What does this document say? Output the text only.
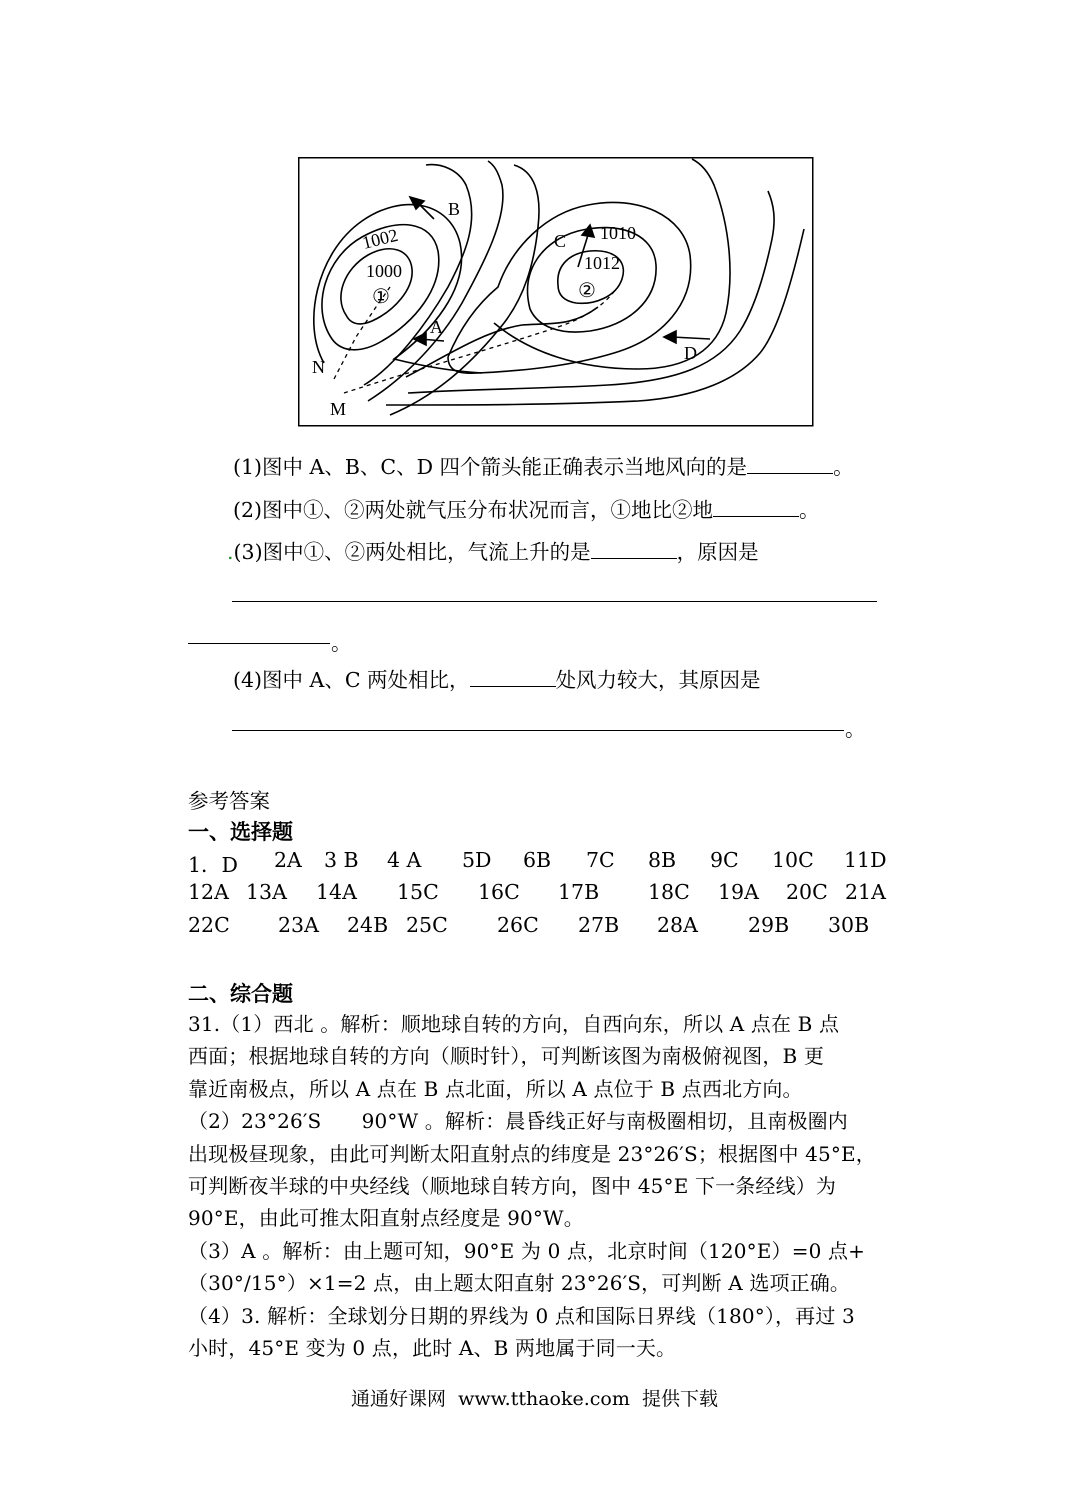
1002
1000
①
B
A
C 1010
1012
②
D
N
M
(1)图中 A、B、C、D 四个箭头能正确表示当地风向的是	。
(2)图中①、②两处就气压分布状况而言，①地比②地	。
.(3)图中①、②两处相比，气流上升的是	，原因是
。
(4)图中 A、C 两处相比，	处风力较大，其原因是
。
参考答案
一、选择题
1．D 2A 3 B 4 A 5D 6B 7C 8B 9C 10C 11D
12A 13A 14A 15C 16C 17B 18C 19A 20C 21A
22C 23A 24B 25C 26C 27B 28A 29B 30B
二、综合题
31.（1）西北 。解析：顺地球自转的方向，自西向东，所以 A 点在 B 点
西面；根据地球自转的方向（顺时针），可判断该图为南极俯视图，B 更
靠近南极点，所以 A 点在 B 点北面，所以 A 点位于 B 点西北方向。
（2）23°26′S　　90°W 。解析：晨昏线正好与南极圈相切，且南极圈内
出现极昼现象，由此可判断太阳直射点的纬度是 23°26′S；根据图中 45°E，
可判断夜半球的中央经线（顺地球自转方向，图中 45°E 下一条经线）为
90°E，由此可推太阳直射点经度是 90°W。
（3）A 。解析：由上题可知，90°E 为 0 点，北京时间（120°E）=0 点+
（30°/15°）×1=2 点，由上题太阳直射 23°26′S，可判断 A 选项正确。
（4）3. 解析：全球划分日期的界线为 0 点和国际日界线（180°），再过 3
小时，45°E 变为 0 点，此时 A、B 两地属于同一天。
通通好课网  www.tthaoke.com  提供下载
